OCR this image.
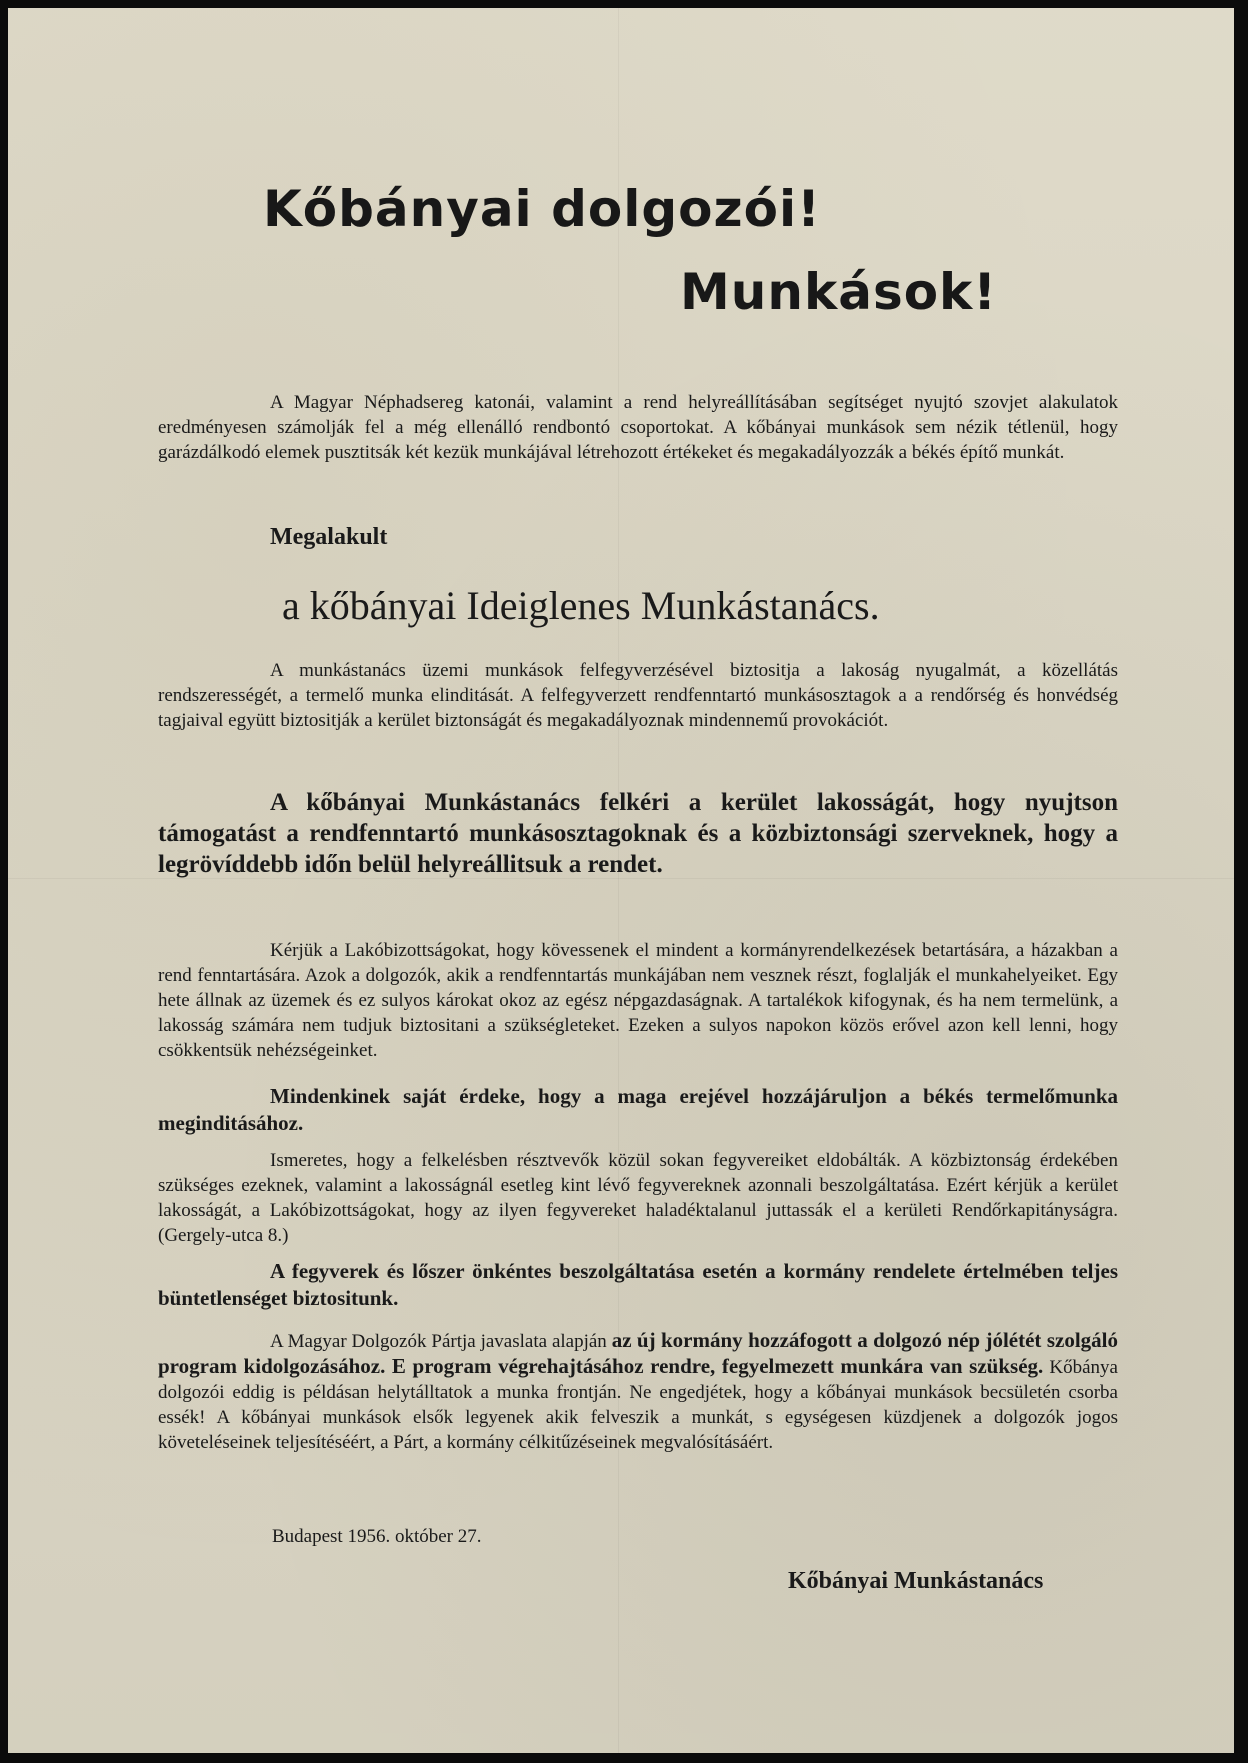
Kőbányai dolgozói!
Munkások!

A Magyar Néphadsereg katonái, valamint a rend helyreállításában segítséget nyujtó szovjet alakulatok eredményesen számolják fel a még ellenálló rendbontó csoportokat. A kőbányai munkások sem nézik tétlenül, hogy garázdálkodó elemek pusztitsák két kezük munkájával létrehozott értékeket és megakadályozzák a békés építő munkát.

Megalakult

a kőbányai Ideiglenes Munkástanács.

A munkástanács üzemi munkások felfegyverzésével biztositja a lakoság nyugalmát, a közellátás rendszerességét, a termelő munka elinditását. A felfegyverzett rendfenntartó munkásosztagok a a rendőrség és honvédség tagjaival együtt biztositják a kerület biztonságát és megakadályoznak mindennemű provokációt.

A kőbányai Munkástanács felkéri a kerület lakosságát, hogy nyujtson támogatást a rendfenntartó munkásosztagoknak és a közbiztonsági szerveknek, hogy a legrövíddebb időn belül helyreállitsuk a rendet.

Kérjük a Lakóbizottságokat, hogy kövessenek el mindent a kormányrendelkezések betartására, a házakban a rend fenntartására. Azok a dolgozók, akik a rendfenntartás munkájában nem vesznek részt, foglalják el munkahelyeiket. Egy hete állnak az üzemek és ez sulyos károkat okoz az egész népgazdaságnak. A tartalékok kifogynak, és ha nem termelünk, a lakosság számára nem tudjuk biztositani a szükségleteket. Ezeken a sulyos napokon közös erővel azon kell lenni, hogy csökkentsük nehézségeinket.

Mindenkinek saját érdeke, hogy a maga erejével hozzájáruljon a békés termelőmunka meginditásához.

Ismeretes, hogy a felkelésben résztvevők közül sokan fegyvereiket eldobálták. A közbiztonság érdekében szükséges ezeknek, valamint a lakosságnál esetleg kint lévő fegyvereknek azonnali beszolgáltatása. Ezért kérjük a kerület lakosságát, a Lakóbizottságokat, hogy az ilyen fegyvereket haladéktalanul juttassák el a kerületi Rendőrkapitányságra. (Gergely-utca 8.)

A fegyverek és lőszer önkéntes beszolgáltatása esetén a kormány rendelete értelmében teljes büntetlenséget biztositunk.

A Magyar Dolgozók Pártja javaslata alapján az új kormány hozzáfogott a dolgozó nép jólétét szolgáló program kidolgozásához. E program végrehajtásához rendre, fegyelmezett munkára van szükség. Kőbánya dolgozói eddig is példásan helytálltatok a munka frontján. Ne engedjétek, hogy a kőbányai munkások becsületén csorba essék! A kőbányai munkások elsők legyenek akik felveszik a munkát, s egységesen küzdjenek a dolgozók jogos követeléseinek teljesítéséért, a Párt, a kormány célkitűzéseinek megvalósításáért.

Budapest 1956. október 27.

Kőbányai Munkástanács
